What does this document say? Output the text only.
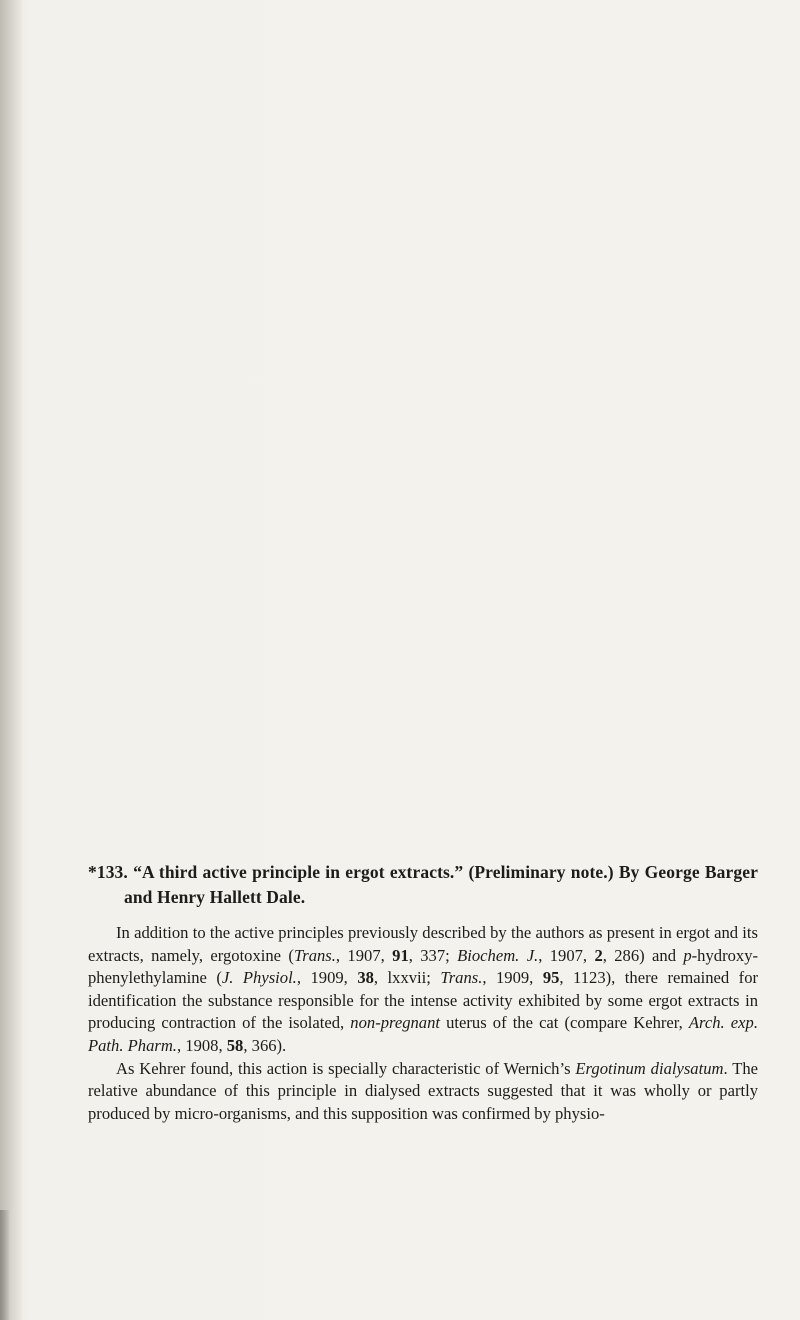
*133. “A third active principle in ergot extracts.” (Preliminary note.) By George Barger and Henry Hallett Dale.

In addition to the active principles previously described by the authors as present in ergot and its extracts, namely, ergotoxine (Trans., 1907, 91, 337; Biochem. J., 1907, 2, 286) and p-hydroxy-phenylethylamine (J. Physiol., 1909, 38, lxxvii; Trans., 1909, 95, 1123), there remained for identification the substance responsible for the intense activity exhibited by some ergot extracts in producing contraction of the isolated, non-pregnant uterus of the cat (compare Kehrer, Arch. exp. Path. Pharm., 1908, 58, 366).

As Kehrer found, this action is specially characteristic of Wernich’s Ergotinum dialysatum. The relative abundance of this principle in dialysed extracts suggested that it was wholly or partly produced by micro-organisms, and this supposition was confirmed by physio-
